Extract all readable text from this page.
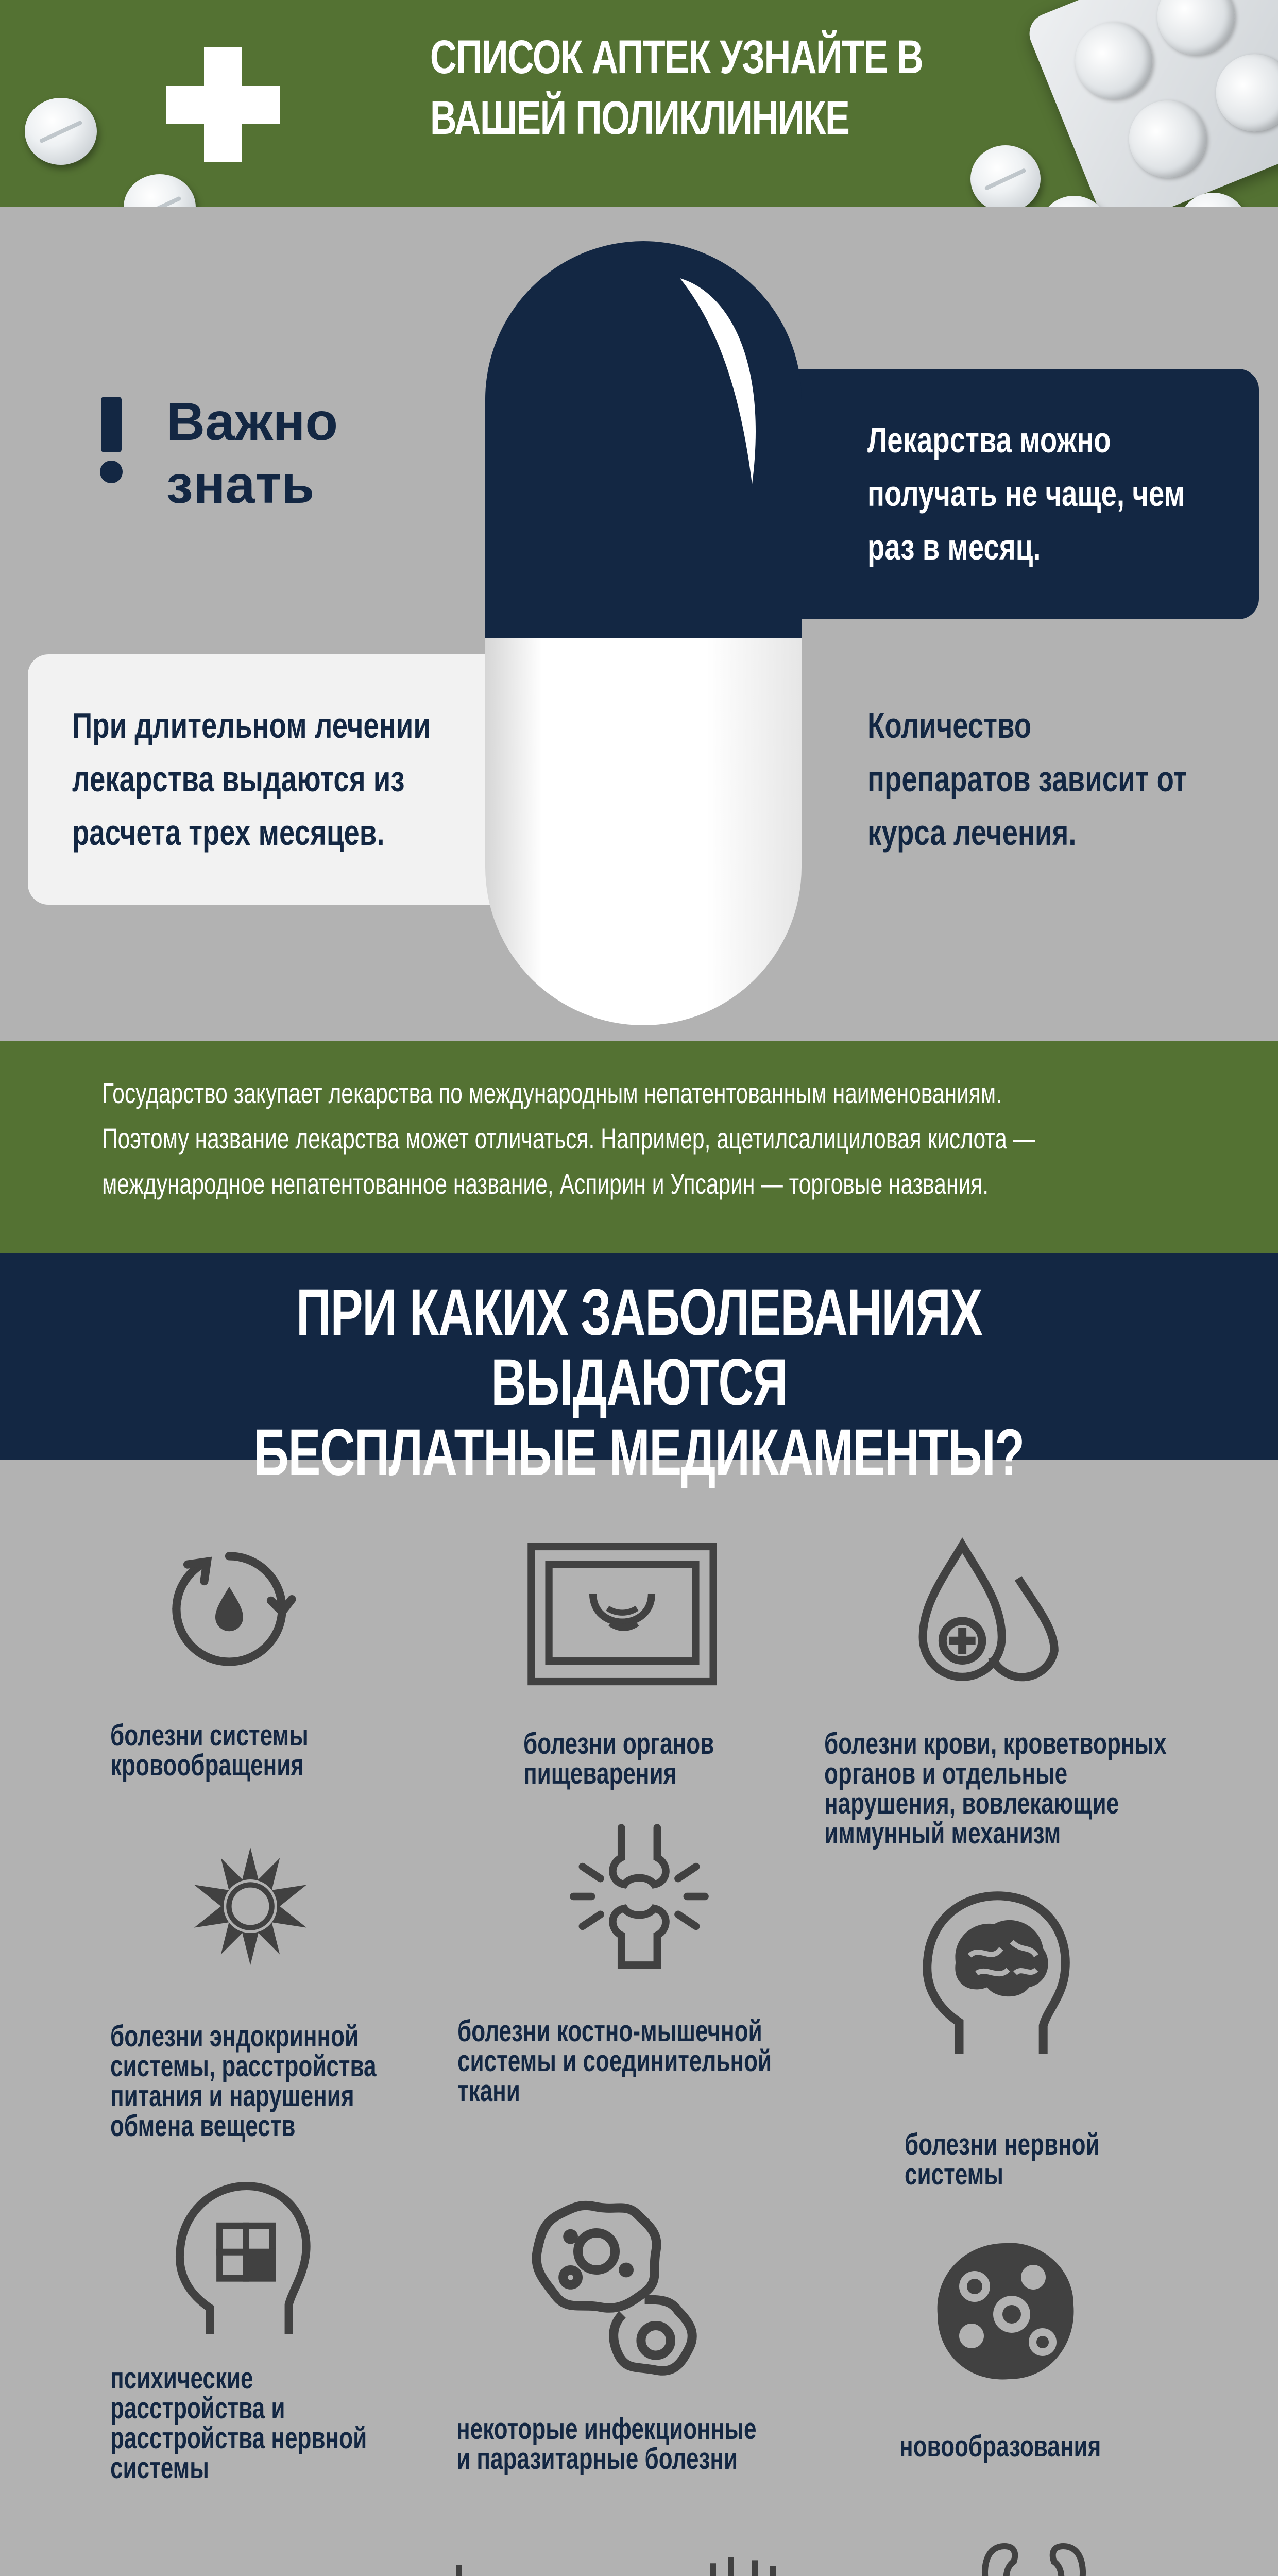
СПИСОК АПТЕК УЗНАЙТЕ В
ВАШЕЙ ПОЛИКЛИНИКЕ
Лекарства можно
получать не чаще, чем
раз в месяц.
При длительном лечении
лекарства выдаются из
расчета трех месяцев.
Важно
знать
Количество
препаратов зависит от
курса лечения.
Государство закупает лекарства по международным непатентованным наименованиям.
Поэтому название лекарства может отличаться. Например, ацетилсалициловая кислота —
международное непатентованное название, Аспирин и Упсарин — торговые названия.
ПРИ КАКИХ ЗАБОЛЕВАНИЯХ ВЫДАЮТСЯ
БЕСПЛАТНЫЕ МЕДИКАМЕНТЫ?
болезни системы
кровообращения
болезни органов
пищеварения
болезни крови, кроветворных
органов и отдельные
нарушения, вовлекающие
иммунный механизм
болезни эндокринной
системы, расстройства
питания и нарушения
обмена веществ
болезни костно-мышечной
системы и соединительной
ткани
болезни нервной
системы
психические
расстройства и
расстройства нервной
системы
некоторые инфекционные
и паразитарные болезни	новообразования
